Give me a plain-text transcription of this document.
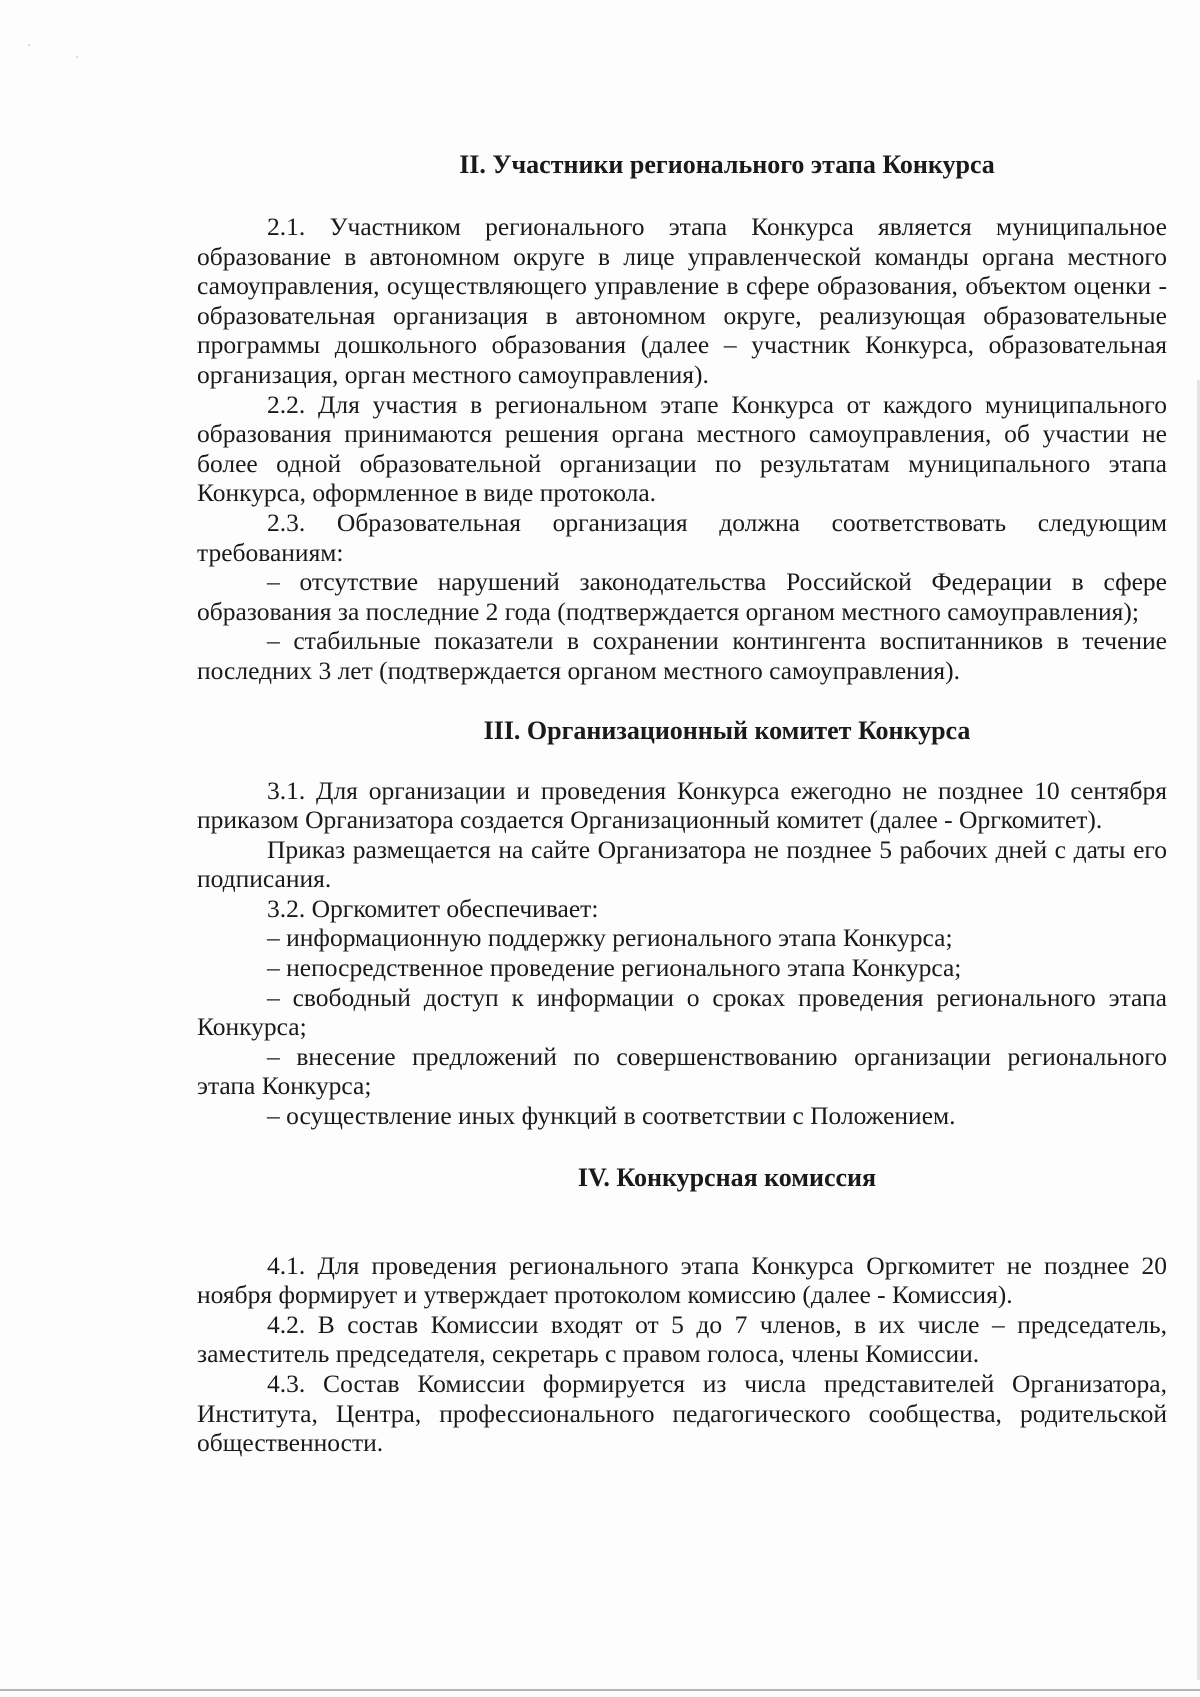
II. Участники регионального этапа Конкурса

2.1. Участником регионального этапа Конкурса является муниципальное образование в автономном округе в лице управленческой команды органа местного самоуправления, осуществляющего управление в сфере образования, объектом оценки - образовательная организация в автономном округе, реализующая образовательные программы дошкольного образования (далее – участник Конкурса, образовательная организация, орган местного самоуправления).

2.2. Для участия в региональном этапе Конкурса от каждого муниципального образования принимаются решения органа местного самоуправления, об участии не более одной образовательной организации по результатам муниципального этапа Конкурса, оформленное в виде протокола.

2.3. Образовательная организация должна соответствовать следующим требованиям:

– отсутствие нарушений законодательства Российской Федерации в сфере образования за последние 2 года (подтверждается органом местного самоуправления);

– стабильные показатели в сохранении контингента воспитанников в течение последних 3 лет (подтверждается органом местного самоуправления).

III. Организационный комитет Конкурса

3.1. Для организации и проведения Конкурса ежегодно не позднее 10 сентября приказом Организатора создается Организационный комитет (далее - Оргкомитет).

Приказ размещается на сайте Организатора не позднее 5 рабочих дней с даты его подписания.

3.2. Оргкомитет обеспечивает:

– информационную поддержку регионального этапа Конкурса;

– непосредственное проведение регионального этапа Конкурса;

– свободный доступ к информации о сроках проведения регионального этапа Конкурса;

– внесение предложений по совершенствованию организации регионального этапа Конкурса;

– осуществление иных функций в соответствии с Положением.

IV. Конкурсная комиссия

4.1. Для проведения регионального этапа Конкурса Оргкомитет не позднее 20 ноября формирует и утверждает протоколом комиссию (далее - Комиссия).

4.2. В состав Комиссии входят от 5 до 7 членов, в их числе – председатель, заместитель председателя, секретарь с правом голоса, члены Комиссии.

4.3. Состав Комиссии формируется из числа представителей Организатора, Института, Центра, профессионального педагогического сообщества, родительской общественности.
